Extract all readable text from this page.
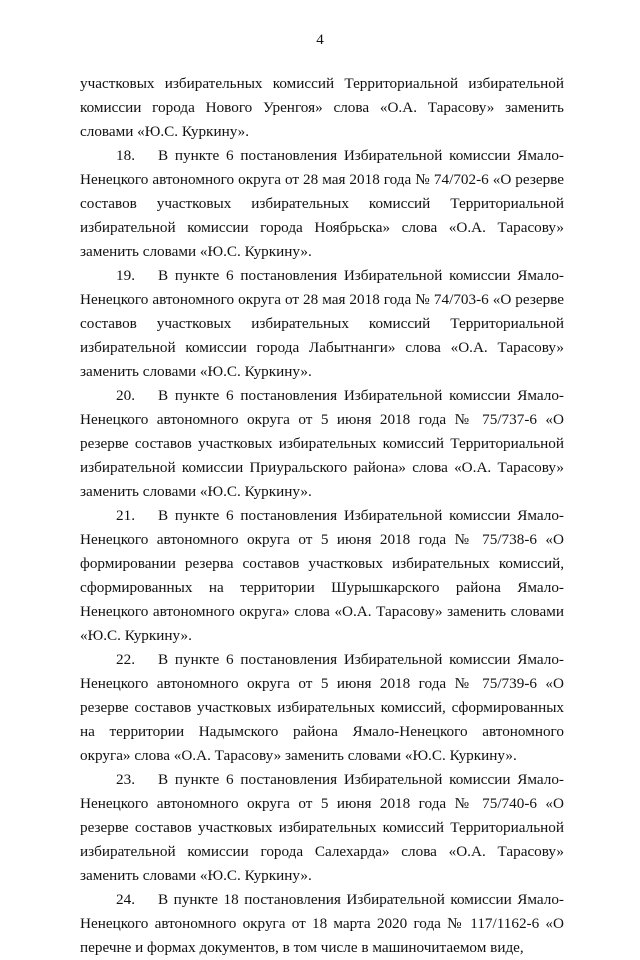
4

участковых избирательных комиссий Территориальной избирательной комиссии города Нового Уренгоя» слова «О.А. Тарасову» заменить словами «Ю.С. Куркину».

18. В пункте 6 постановления Избирательной комиссии Ямало-Ненецкого автономного округа от 28 мая 2018 года № 74/702-6 «О резерве составов участковых избирательных комиссий Территориальной избирательной комиссии города Ноябрьска» слова «О.А. Тарасову» заменить словами «Ю.С. Куркину».

19. В пункте 6 постановления Избирательной комиссии Ямало-Ненецкого автономного округа от 28 мая 2018 года № 74/703-6 «О резерве составов участковых избирательных комиссий Территориальной избирательной комиссии города Лабытнанги» слова «О.А. Тарасову» заменить словами «Ю.С. Куркину».

20. В пункте 6 постановления Избирательной комиссии Ямало-Ненецкого автономного округа от 5 июня 2018 года № 75/737-6 «О резерве составов участковых избирательных комиссий Территориальной избирательной комиссии Приуральского района» слова «О.А. Тарасову» заменить словами «Ю.С. Куркину».

21. В пункте 6 постановления Избирательной комиссии Ямало-Ненецкого автономного округа от 5 июня 2018 года № 75/738-6 «О формировании резерва составов участковых избирательных комиссий, сформированных на территории Шурышкарского района Ямало-Ненецкого автономного округа» слова «О.А. Тарасову» заменить словами «Ю.С. Куркину».

22. В пункте 6 постановления Избирательной комиссии Ямало-Ненецкого автономного округа от 5 июня 2018 года № 75/739-6 «О резерве составов участковых избирательных комиссий, сформированных на территории Надымского района Ямало-Ненецкого автономного округа» слова «О.А. Тарасову» заменить словами «Ю.С. Куркину».

23. В пункте 6 постановления Избирательной комиссии Ямало-Ненецкого автономного округа от 5 июня 2018 года № 75/740-6 «О резерве составов участковых избирательных комиссий Территориальной избирательной комиссии города Салехарда» слова «О.А. Тарасову» заменить словами «Ю.С. Куркину».

24. В пункте 18 постановления Избирательной комиссии Ямало-Ненецкого автономного округа от 18 марта 2020 года № 117/1162-6 «О перечне и формах документов, в том числе в машиночитаемом виде,
